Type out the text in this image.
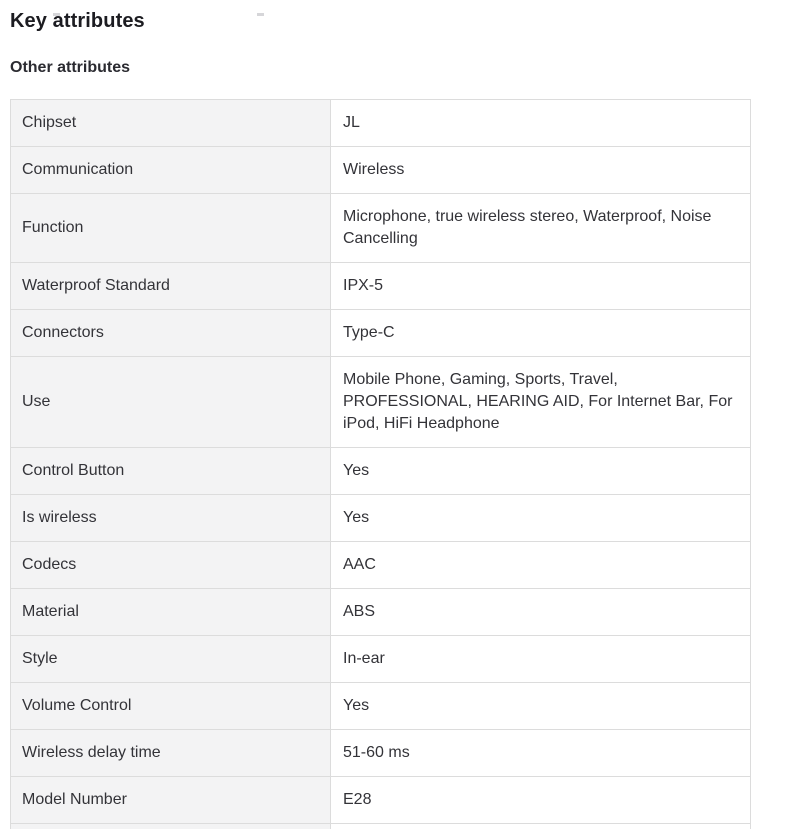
Key attributes
Other attributes
Chipset	JL
Communication	Wireless
Function	Microphone, true wireless stereo, Waterproof, Noise Cancelling
Waterproof Standard	IPX-5
Connectors	Type-C
Use	Mobile Phone, Gaming, Sports, Travel, PROFESSIONAL, HEARING AID, For Internet Bar, For iPod, HiFi Headphone
Control Button	Yes
Is wireless	Yes
Codecs	AAC
Material	ABS
Style	In-ear
Volume Control	Yes
Wireless delay time	51-60 ms
Model Number	E28
